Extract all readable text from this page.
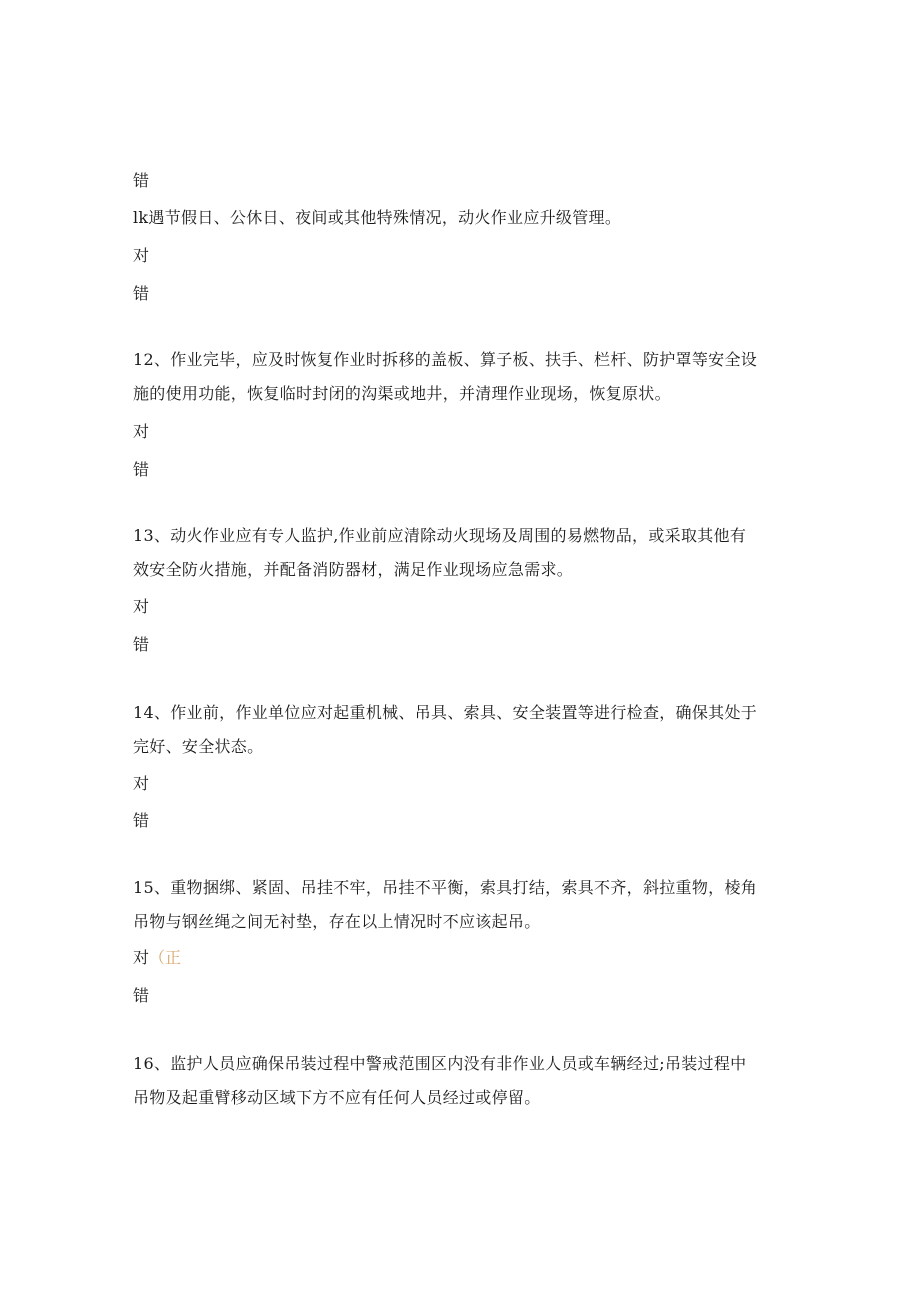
错
lk遇节假日、公休日、夜间或其他特殊情况，动火作业应升级管理。
对
错
12、作业完毕，应及时恢复作业时拆移的盖板、算子板、扶手、栏杆、防护罩等安全设
施的使用功能，恢复临时封闭的沟渠或地井，并清理作业现场，恢复原状。
对
错
13、动火作业应有专人监护,作业前应清除动火现场及周围的易燃物品，或采取其他有
效安全防火措施，并配备消防器材，满足作业现场应急需求。
对
错
14、作业前，作业单位应对起重机械、吊具、索具、安全装置等进行检查，确保其处于
完好、安全状态。
对
错
15、重物捆绑、紧固、吊挂不牢，吊挂不平衡，索具打结，索具不齐，斜拉重物，棱角
吊物与钢丝绳之间无衬垫，存在以上情况时不应该起吊。
对（正
错
16、监护人员应确保吊装过程中警戒范围区内没有非作业人员或车辆经过;吊装过程中
吊物及起重臂移动区域下方不应有任何人员经过或停留。
